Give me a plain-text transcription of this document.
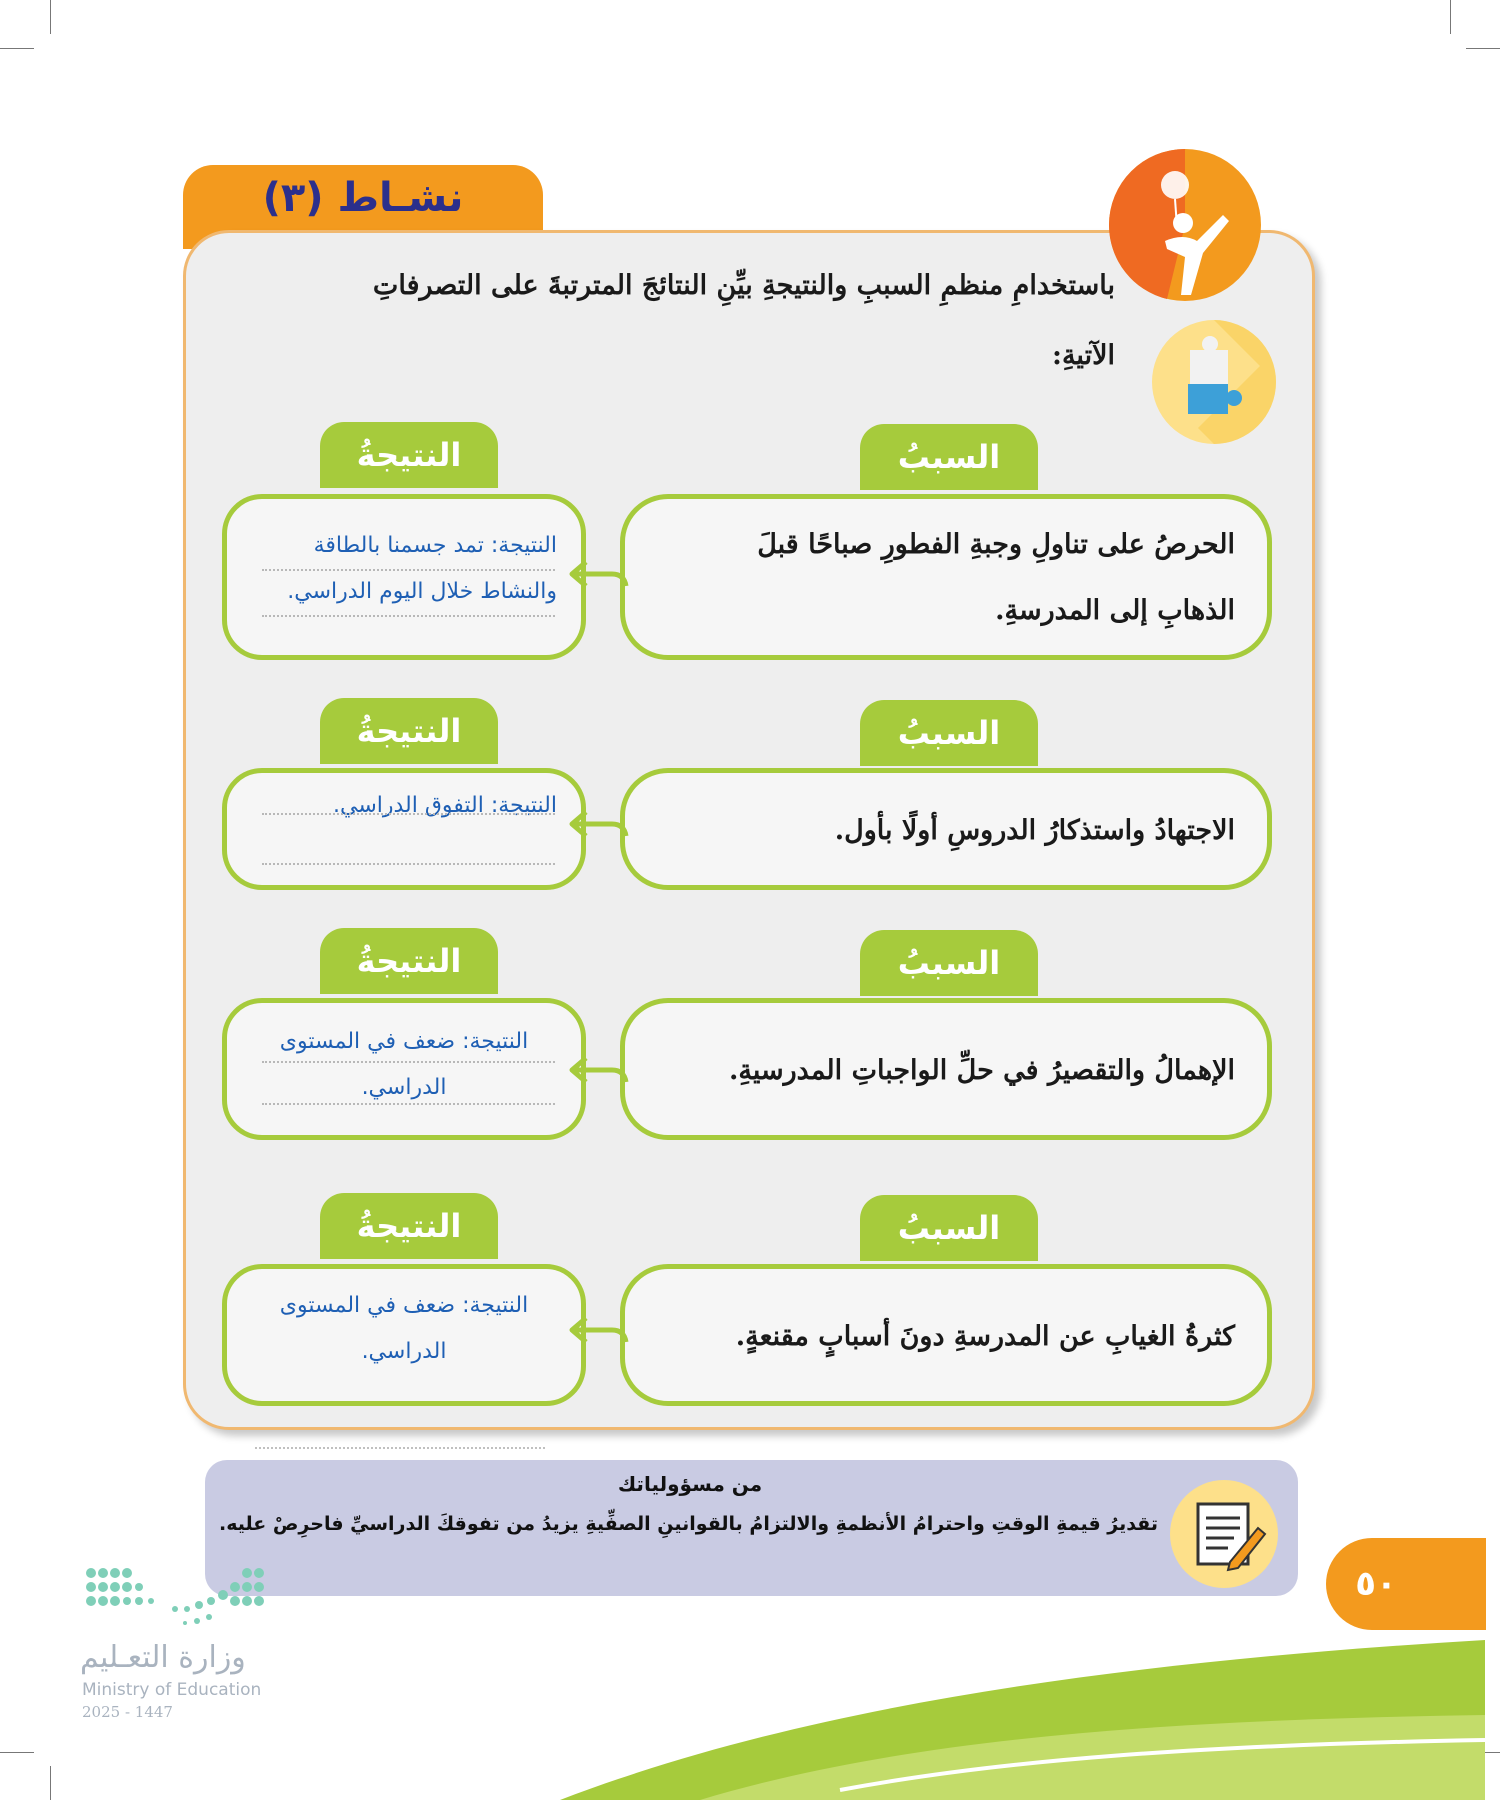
نشـاط (٣)
باستخدامِ منظمِ السببِ والنتيجةِ بيِّنِ النتائجَ المترتبةَ على التصرفاتِ
الآتيةِ:
السببُ
النتيجةُ
الحرصُ على تناولِ وجبةِ الفطورِ صباحًا قبلَ
الذهابِ إلى المدرسةِ.
النتيجة: تمد جسمنا بالطاقة
والنشاط خلال اليوم الدراسي.
السببُ
النتيجةُ
الاجتهادُ واستذكارُ الدروسِ أولًا بأول.
النتيجة: التفوق الدراسي.
السببُ
النتيجةُ
الإهمالُ والتقصيرُ في حلِّ الواجباتِ المدرسيةِ.
النتيجة: ضعف في المستوى
الدراسي.
السببُ
النتيجةُ
كثرةُ الغيابِ عن المدرسةِ دونَ أسبابٍ مقنعةٍ.
النتيجة: ضعف في المستوى
الدراسي.
من مسؤولياتك
تقديرُ قيمةِ الوقتِ واحترامُ الأنظمةِ والالتزامُ بالقوانينِ الصفِّيةِ يزيدُ من تفوقكَ الدراسيِّ فاحرِصْ عليه.
٥٠
وزارة التعـليم
Ministry of Education
2025 - 1447
